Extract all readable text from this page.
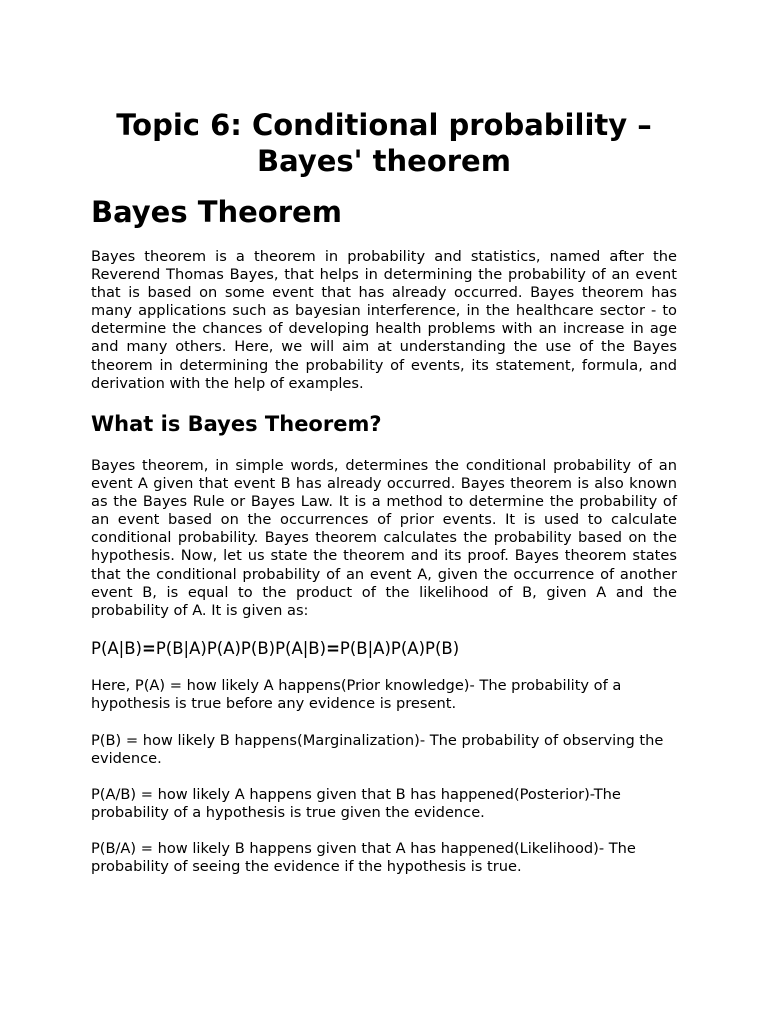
Topic 6: Conditional probability – Bayes' theorem
Bayes Theorem

Bayes theorem is a theorem in probability and statistics, named after the Reverend Thomas Bayes, that helps in determining the probability of an event that is based on some event that has already occurred. Bayes theorem has many applications such as bayesian interference, in the healthcare sector - to determine the chances of developing health problems with an increase in age and many others. Here, we will aim at understanding the use of the Bayes theorem in determining the probability of events, its statement, formula, and derivation with the help of examples.

What is Bayes Theorem?

Bayes theorem, in simple words, determines the conditional probability of an event A given that event B has already occurred. Bayes theorem is also known as the Bayes Rule or Bayes Law. It is a method to determine the probability of an event based on the occurrences of prior events. It is used to calculate conditional probability. Bayes theorem calculates the probability based on the hypothesis. Now, let us state the theorem and its proof. Bayes theorem states that the conditional probability of an event A, given the occurrence of another event B, is equal to the product of the likelihood of B, given A and the probability of A. It is given as:

P(A|B)=P(B|A)P(A)P(B)P(A|B)=P(B|A)P(A)P(B)

Here, P(A) = how likely A happens(Prior knowledge)- The probability of a hypothesis is true before any evidence is present.

P(B) = how likely B happens(Marginalization)- The probability of observing the evidence.

P(A/B) = how likely A happens given that B has happened(Posterior)-The probability of a hypothesis is true given the evidence.

P(B/A) = how likely B happens given that A has happened(Likelihood)- The probability of seeing the evidence if the hypothesis is true.
